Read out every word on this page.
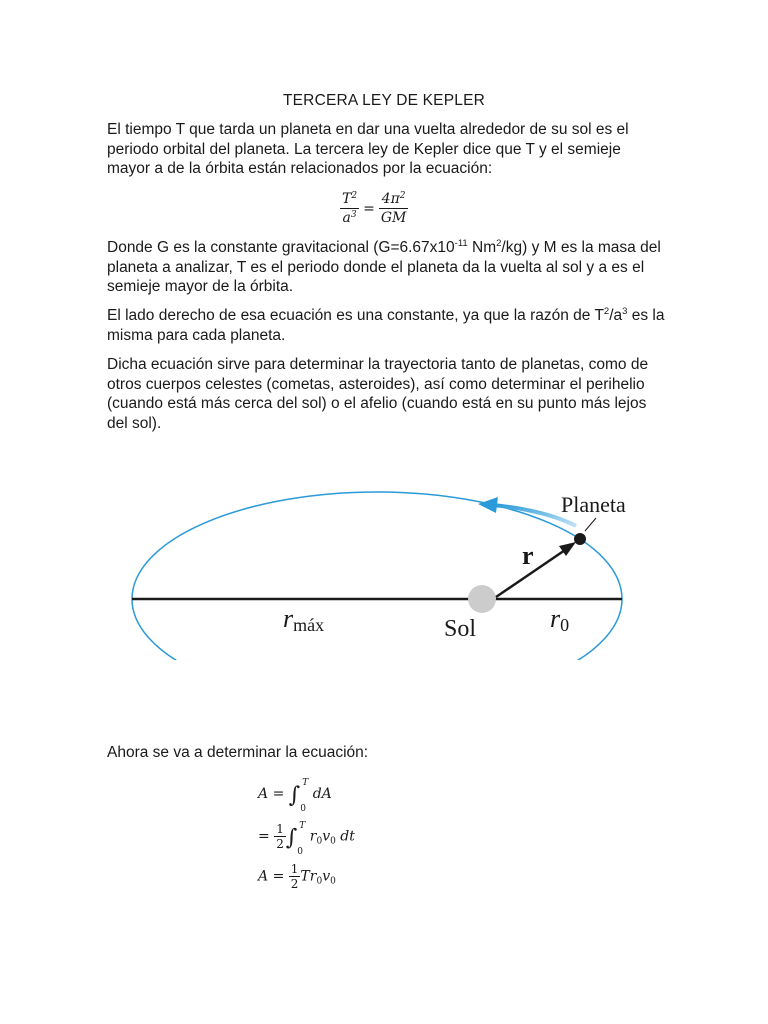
TERCERA LEY DE KEPLER
El tiempo T que tarda un planeta en dar una vuelta alrededor de su sol es el periodo orbital del planeta. La tercera ley de Kepler dice que T y el semieje mayor a de la órbita están relacionados por la ecuación:
$\frac{T^2}{a^3} = \frac{4\pi^2}{GM}$
Donde G es la constante gravitacional ($G=6.67x10^{-11}$ Nm$^2$/kg) y M es la masa del planeta a analizar, T es el periodo donde el planeta da la vuelta al sol y a es el semieje mayor de la órbita.
El lado derecho de esa ecuación es una constante, ya que la razón de $T^2/a^3$ es la misma para cada planeta.
Dicha ecuación sirve para determinar la trayectoria tanto de planetas, como de otros cuerpos celestes (cometas, asteroides), así como determinar el perihelio (cuando está más cerca del sol) o el afelio (cuando está en su punto más lejos del sol).
Planeta
r
rmáx	Sol	r0
Ahora se va a determinar la ecuación:
A = ∫ T
0
dA
= $\frac{1}{2}$ ∫ T
0
$r_0v_0$ dt
$A = \frac{1}{2} Tr_0v_0$
